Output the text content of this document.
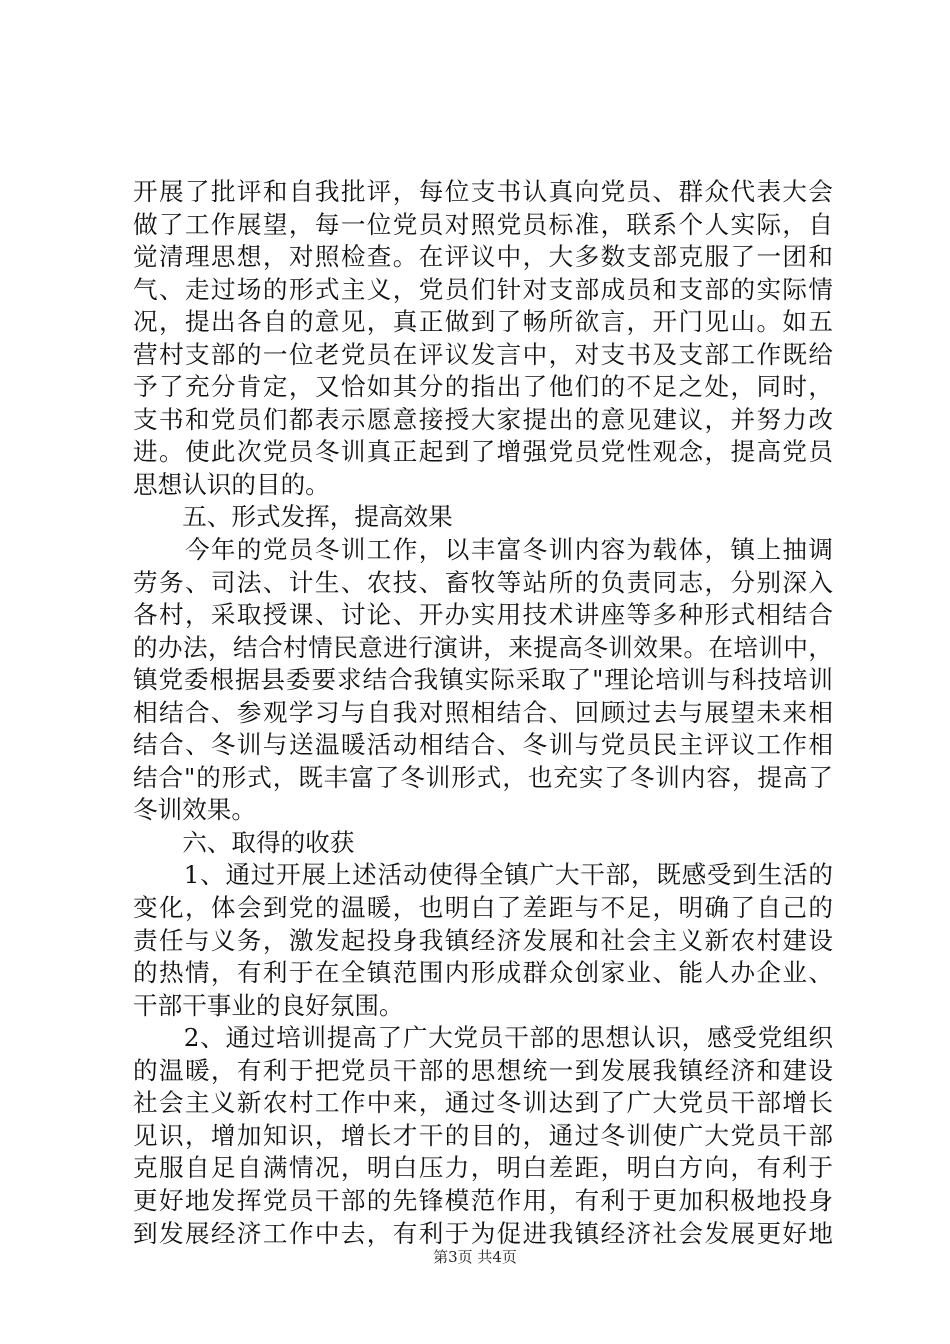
开展了批评和自我批评，每位支书认真向党员、群众代表大会
做了工作展望，每一位党员对照党员标准，联系个人实际，自
觉清理思想，对照检查。在评议中，大多数支部克服了一团和
气、走过场的形式主义，党员们针对支部成员和支部的实际情
况，提出各自的意见，真正做到了畅所欲言，开门见山。如五
营村支部的一位老党员在评议发言中，对支书及支部工作既给
予了充分肯定，又恰如其分的指出了他们的不足之处，同时，
支书和党员们都表示愿意接授大家提出的意见建议，并努力改
进。使此次党员冬训真正起到了增强党员党性观念，提高党员
思想认识的目的。
　　五、形式发挥，提高效果
　　今年的党员冬训工作，以丰富冬训内容为载体，镇上抽调
劳务、司法、计生、农技、畜牧等站所的负责同志，分别深入
各村，采取授课、讨论、开办实用技术讲座等多种形式相结合
的办法，结合村情民意进行演讲，来提高冬训效果。在培训中，
镇党委根据县委要求结合我镇实际采取了"理论培训与科技培训
相结合、参观学习与自我对照相结合、回顾过去与展望未来相
结合、冬训与送温暖活动相结合、冬训与党员民主评议工作相
结合"的形式，既丰富了冬训形式，也充实了冬训内容，提高了
冬训效果。
　　六、取得的收获
　　1、通过开展上述活动使得全镇广大干部，既感受到生活的
变化，体会到党的温暖，也明白了差距与不足，明确了自己的
责任与义务，激发起投身我镇经济发展和社会主义新农村建设
的热情，有利于在全镇范围内形成群众创家业、能人办企业、
干部干事业的良好氛围。
　　2、通过培训提高了广大党员干部的思想认识，感受党组织
的温暖，有利于把党员干部的思想统一到发展我镇经济和建设
社会主义新农村工作中来，通过冬训达到了广大党员干部增长
见识，增加知识，增长才干的目的，通过冬训使广大党员干部
克服自足自满情况，明白压力，明白差距，明白方向，有利于
更好地发挥党员干部的先锋模范作用，有利于更加积极地投身
到发展经济工作中去，有利于为促进我镇经济社会发展更好地
第3页 共4页
